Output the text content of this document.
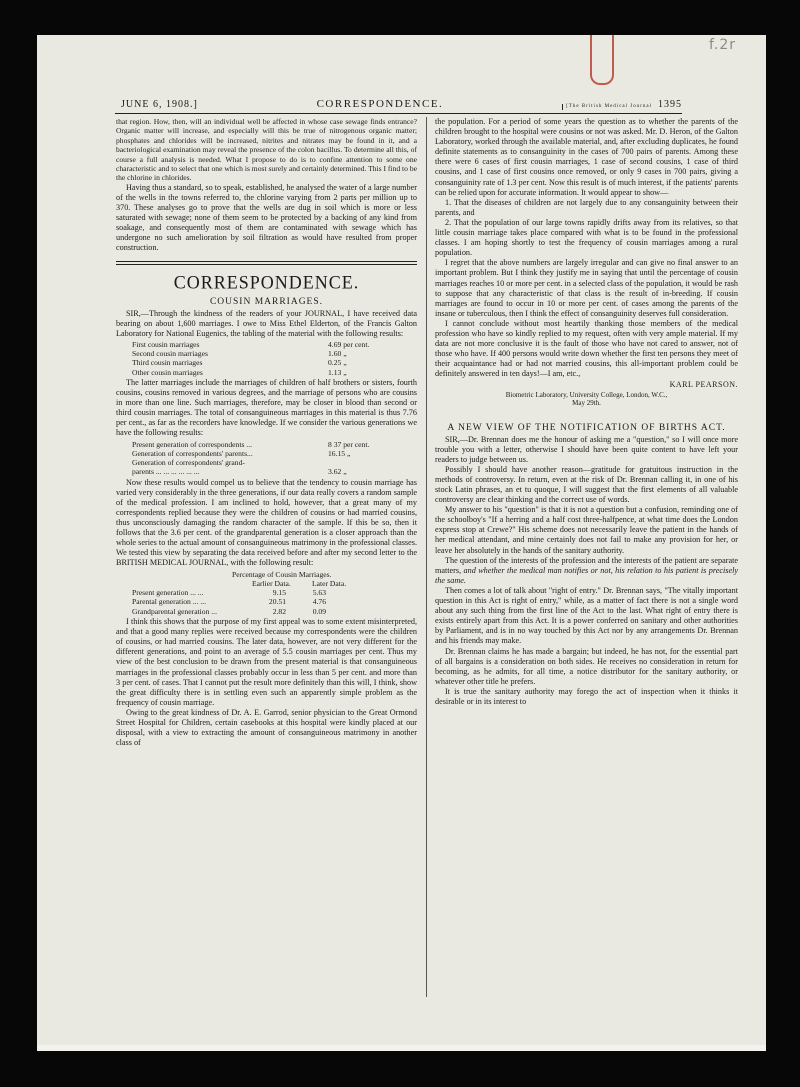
f.2r
JUNE 6, 1908.]	CORRESPONDENCE.	[The British Medical Journal 1395

that region. How, then, will an individual well be affected in whose case sewage finds entrance? Organic matter will increase, and especially will this be true of nitrogenous organic matter; phosphates and chlorides will be increased, nitrites and nitrates may be found in it, and a bacteriological examination may reveal the presence of the colon bacillus. To determine all this, of course a full analysis is needed. What I propose to do is to confine attention to some one characteristic and to select that one which is most surely and certainly determined. This I find to be the chlorine in chlorides.

Having thus a standard, so to speak, established, he analysed the water of a large number of the wells in the towns referred to, the chlorine varying from 2 parts per million up to 370. These analyses go to prove that the wells are dug in soil which is more or less saturated with sewage; none of them seem to be protected by a backing of any kind from soakage, and consequently most of them are contaminated with sewage which has undergone no such amelioration by soil filtration as would have resulted from proper construction.

CORRESPONDENCE.
COUSIN MARRIAGES.

SIR,—Through the kindness of the readers of your JOURNAL, I have received data bearing on about 1,600 marriages. I owe to Miss Ethel Elderton, of the Francis Galton Laboratory for National Eugenics, the tabling of the material with the following results:

First cousin marriages	4.69 per cent.
Second cousin marriages	1.60 „
Third cousin marriages	0.25 „
Other cousin marriages	1.13 „

The latter marriages include the marriages of children of half brothers or sisters, fourth cousins, cousins removed in various degrees, and the marriage of persons who are cousins in more than one line. Such marriages, therefore, may be closer in blood than second or third cousin marriages. The total of consanguineous marriages in this material is thus 7.76 per cent., as far as the recorders have knowledge. If we consider the various generations we have the following results:

Present generation of correspondents ...	8 37 per cent.
Generation of correspondents' parents...	16.15 „
Generation of correspondents' grand-
parents ... ... ... ... ... ...	3.62 „

Now these results would compel us to believe that the tendency to cousin marriage has varied very considerably in the three generations, if our data really covers a random sample of the medical profession. I am inclined to hold, however, that a great many of my correspondents replied because they were the children of cousins or had married cousins, thus unconsciously damaging the random character of the sample. If this be so, then it follows that the 3.6 per cent. of the grandparental generation is a closer approach than the whole series to the actual amount of consanguineous matrimony in the professional classes. We tested this view by separating the data received before and after my second letter to the BRITISH MEDICAL JOURNAL, with the following result:

Percentage of Cousin Marriages.
Earlier Data.	Later Data.
Present generation ... ...	9.15	5.63
Parental generation ... ...	20.51	4.76
Grandparental generation ...	2.82	0.09

I think this shows that the purpose of my first appeal was to some extent misinterpreted, and that a good many replies were received because my correspondents were the children of cousins, or had married cousins. The later data, however, are not very different for the different generations, and point to an average of 5.5 cousin marriages per cent. Thus my view of the best conclusion to be drawn from the present material is that consanguineous marriages in the professional classes probably occur in less than 5 per cent. and more than 3 per cent. of cases. That I cannot put the result more definitely than this will, I think, show the great difficulty there is in settling even such an apparently simple problem as the frequency of cousin marriage.

Owing to the great kindness of Dr. A. E. Garrod, senior physician to the Great Ormond Street Hospital for Children, certain casebooks at this hospital were kindly placed at our disposal, with a view to extracting the amount of consanguineous matrimony in another class of

the population. For a period of some years the question as to whether the parents of the children brought to the hospital were cousins or not was asked. Mr. D. Heron, of the Galton Laboratory, worked through the available material, and, after excluding duplicates, he found definite statements as to consanguinity in the cases of 700 pairs of parents. Among these there were 6 cases of first cousin marriages, 1 case of second cousins, 1 case of third cousins, and 1 case of first cousins once removed, or only 9 cases in 700 pairs, giving a consanguinity rate of 1.3 per cent. Now this result is of much interest, if the patients' parents can be relied upon for accurate information. It would appear to show—

1. That the diseases of children are not largely due to any consanguinity between their parents, and

2. That the population of our large towns rapidly drifts away from its relatives, so that little cousin marriage takes place compared with what is to be found in the professional classes. I am hoping shortly to test the frequency of cousin marriages among a rural population.

I regret that the above numbers are largely irregular and can give no final answer to an important problem. But I think they justify me in saying that until the percentage of cousin marriages reaches 10 or more per cent. in a selected class of the population, it would be rash to suppose that any characteristic of that class is the result of in-breeding. If cousin marriages are found to occur in 10 or more per cent. of cases among the parents of the insane or tuberculous, then I think the effect of consanguinity deserves full consideration.

I cannot conclude without most heartily thanking those members of the medical profession who have so kindly replied to my request, often with very ample material. If my data are not more conclusive it is the fault of those who have not cared to answer, not of those who have. If 400 persons would write down whether the first ten persons they meet of their acquaintance had or had not married cousins, this all-important problem could be definitely answered in ten days!—I am, etc.,

KARL PEARSON.
Biometric Laboratory, University College, London, W.C.,
May 29th.
A NEW VIEW OF THE NOTIFICATION OF BIRTHS ACT.

SIR,—Dr. Brennan does me the honour of asking me a "question," so I will once more trouble you with a letter, otherwise I should have been quite content to have left your readers to judge between us.

Possibly I should have another reason—gratitude for gratuitous instruction in the methods of controversy. In return, even at the risk of Dr. Brennan calling it, in one of his stock Latin phrases, an et tu quoque, I will suggest that the first elements of all valuable controversy are clear thinking and the correct use of words.

My answer to his "question" is that it is not a question but a confusion, reminding one of the schoolboy's "If a herring and a half cost three-halfpence, at what time does the London express stop at Crewe?" His scheme does not necessarily leave the patient in the hands of her medical attendant, and mine certainly does not fail to make any provision for her, or leave her absolutely in the hands of the sanitary authority.

The question of the interests of the profession and the interests of the patient are separate matters, and whether the medical man notifies or not, his relation to his patient is precisely the same.

Then comes a lot of talk about "right of entry." Dr. Brennan says, "The vitally important question in this Act is right of entry," while, as a matter of fact there is not a single word about any such thing from the first line of the Act to the last. What right of entry there is exists entirely apart from this Act. It is a power conferred on sanitary and other authorities by Parliament, and is in no way touched by this Act nor by any arrangements Dr. Brennan and his friends may make.

Dr. Brennan claims he has made a bargain; but indeed, he has not, for the essential part of all bargains is a consideration on both sides. He receives no consideration in return for becoming, as he admits, for all time, a notice distributor for the sanitary authority, or whatever other title he prefers.

It is true the sanitary authority may forego the act of inspection when it thinks it desirable or in its interest to
